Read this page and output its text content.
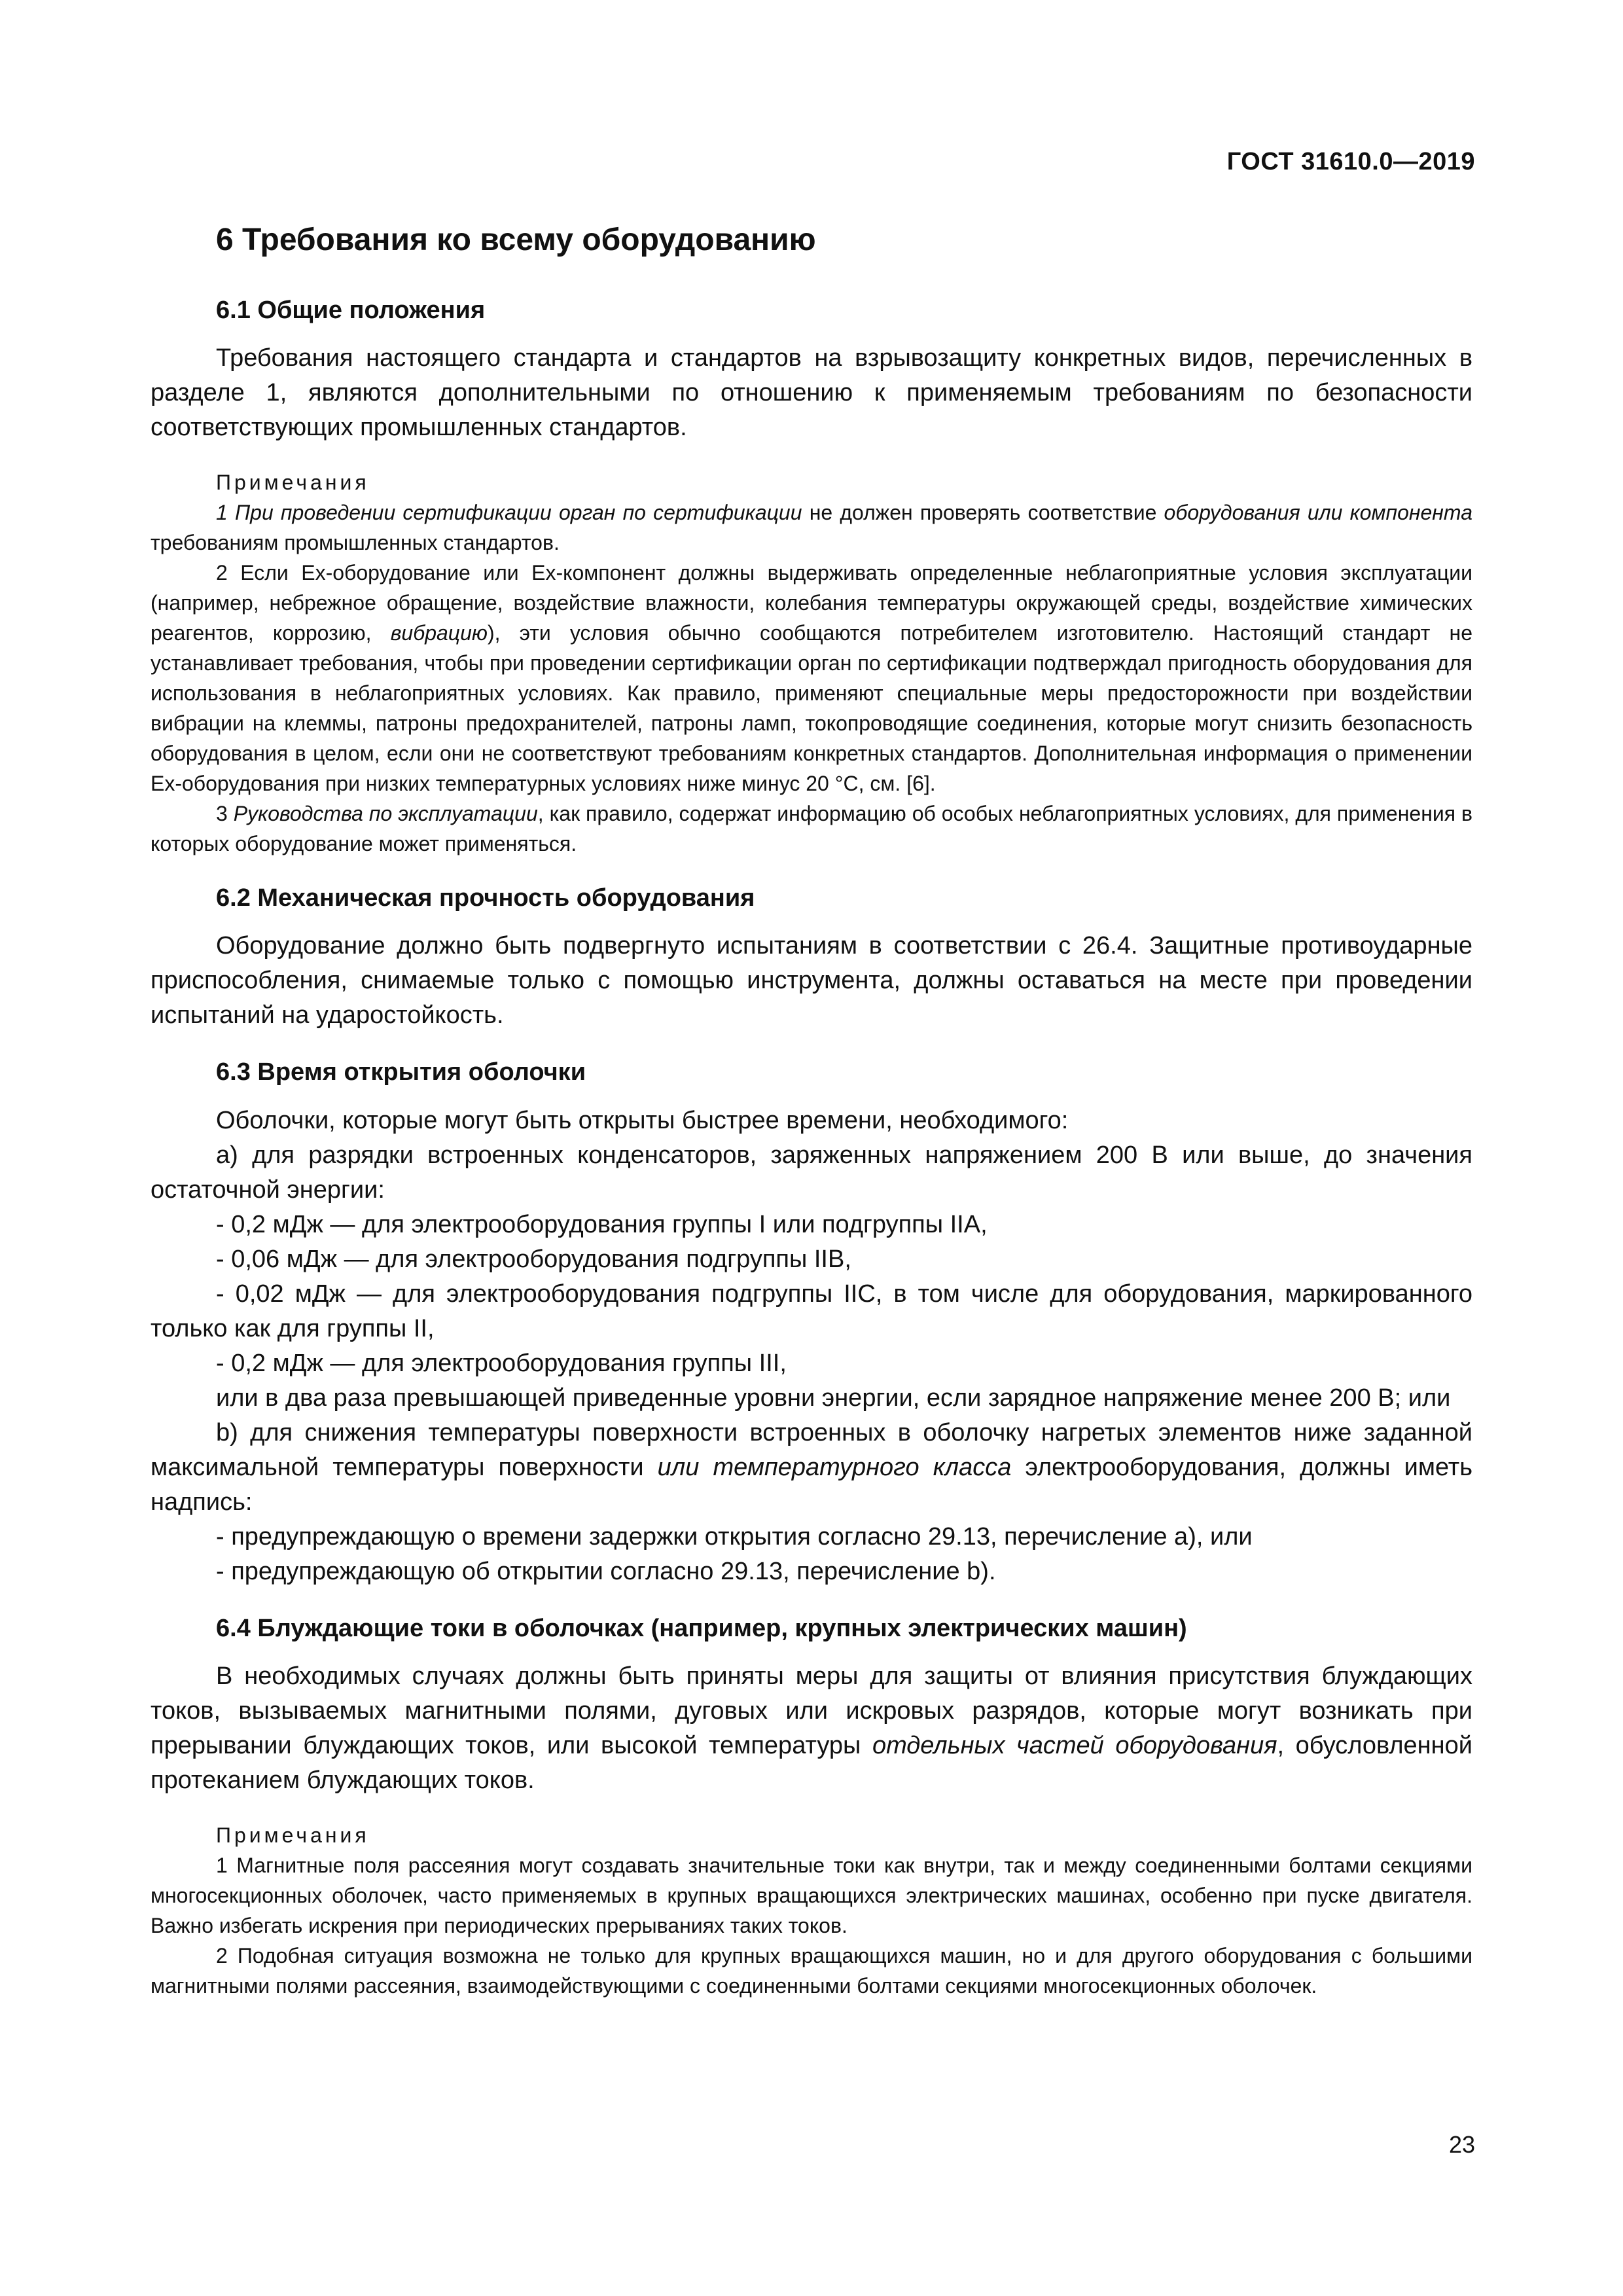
ГОСТ 31610.0—2019
6 Требования ко всему оборудованию
6.1 Общие положения

Требования настоящего стандарта и стандартов на взрывозащиту конкретных видов, перечисленных в разделе 1, являются дополнительными по отношению к применяемым требованиям по безопасности соответствующих промышленных стандартов.

Примечания

1 При проведении сертификации орган по сертификации не должен проверять соответствие оборудования или компонента требованиям промышленных стандартов.

2 Если Ех-оборудование или Ех-компонент должны выдерживать определенные неблагоприятные условия эксплуатации (например, небрежное обращение, воздействие влажности, колебания температуры окружающей среды, воздействие химических реагентов, коррозию, вибрацию), эти условия обычно сообщаются потребителем изготовителю. Настоящий стандарт не устанавливает требования, чтобы при проведении сертификации орган по сертификации подтверждал пригодность оборудования для использования в неблагоприятных условиях. Как правило, применяют специальные меры предосторожности при воздействии вибрации на клеммы, патроны предохранителей, патроны ламп, токопроводящие соединения, которые могут снизить безопасность оборудования в целом, если они не соответствуют требованиям конкретных стандартов. Дополнительная информация о применении Ех-оборудования при низких температурных условиях ниже минус 20 °С, см. [6].

3 Руководства по эксплуатации, как правило, содержат информацию об особых неблагоприятных условиях, для применения в которых оборудование может применяться.

6.2 Механическая прочность оборудования

Оборудование должно быть подвергнуто испытаниям в соответствии с 26.4. Защитные противоударные приспособления, снимаемые только с помощью инструмента, должны оставаться на месте при проведении испытаний на ударостойкость.

6.3 Время открытия оболочки

Оболочки, которые могут быть открыты быстрее времени, необходимого:

а) для разрядки встроенных конденсаторов, заряженных напряжением 200 В или выше, до значения остаточной энергии:

- 0,2 мДж — для электрооборудования группы I или подгруппы IIA,

- 0,06 мДж — для электрооборудования подгруппы IIB,

- 0,02 мДж — для электрооборудования подгруппы IIC, в том числе для оборудования, маркированного только как для группы II,

- 0,2 мДж — для электрооборудования группы III,

или в два раза превышающей приведенные уровни энергии, если зарядное напряжение менее 200 В; или

b) для снижения температуры поверхности встроенных в оболочку нагретых элементов ниже заданной максимальной температуры поверхности или температурного класса электрооборудования, должны иметь надпись:

- предупреждающую о времени задержки открытия согласно 29.13, перечисление а), или

- предупреждающую об открытии согласно 29.13, перечисление b).

6.4 Блуждающие токи в оболочках (например, крупных электрических машин)

В необходимых случаях должны быть приняты меры для защиты от влияния присутствия блуждающих токов, вызываемых магнитными полями, дуговых или искровых разрядов, которые могут возникать при прерывании блуждающих токов, или высокой температуры отдельных частей оборудования, обусловленной протеканием блуждающих токов.

Примечания

1 Магнитные поля рассеяния могут создавать значительные токи как внутри, так и между соединенными болтами секциями многосекционных оболочек, часто применяемых в крупных вращающихся электрических машинах, особенно при пуске двигателя. Важно избегать искрения при периодических прерываниях таких токов.

2 Подобная ситуация возможна не только для крупных вращающихся машин, но и для другого оборудования с большими магнитными полями рассеяния, взаимодействующими с соединенными болтами секциями многосекционных оболочек.

23
